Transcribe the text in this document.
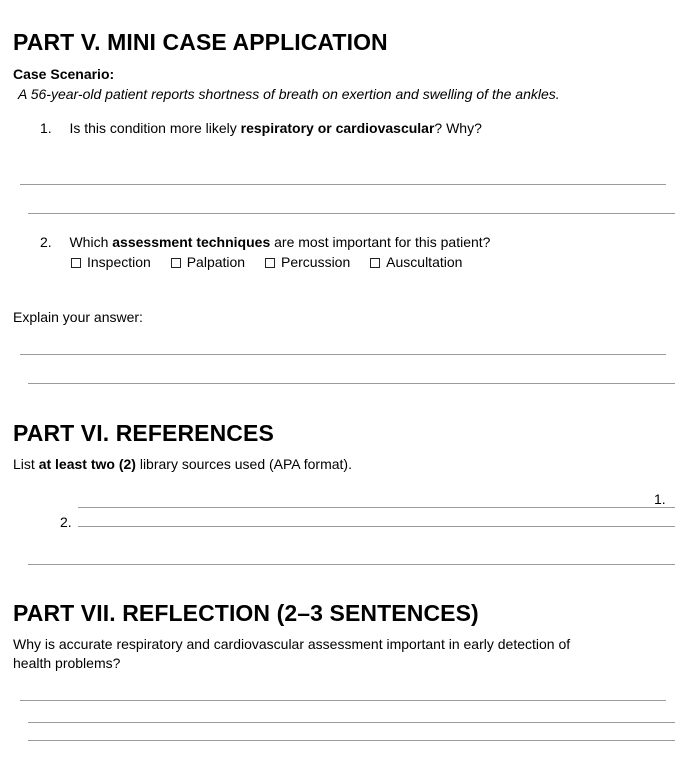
PART V. MINI CASE APPLICATION
Case Scenario:
A 56-year-old patient reports shortness of breath on exertion and swelling of the ankles.
1. Is this condition more likely respiratory or cardiovascular? Why?
2. Which assessment techniques are most important for this patient?
Inspection	Palpation	Percussion	Auscultation
Explain your answer:
PART VI. REFERENCES
List at least two (2) library sources used (APA format).
1.
2.
PART VII. REFLECTION (2–3 SENTENCES)
Why is accurate respiratory and cardiovascular assessment important in early detection of
health problems?
